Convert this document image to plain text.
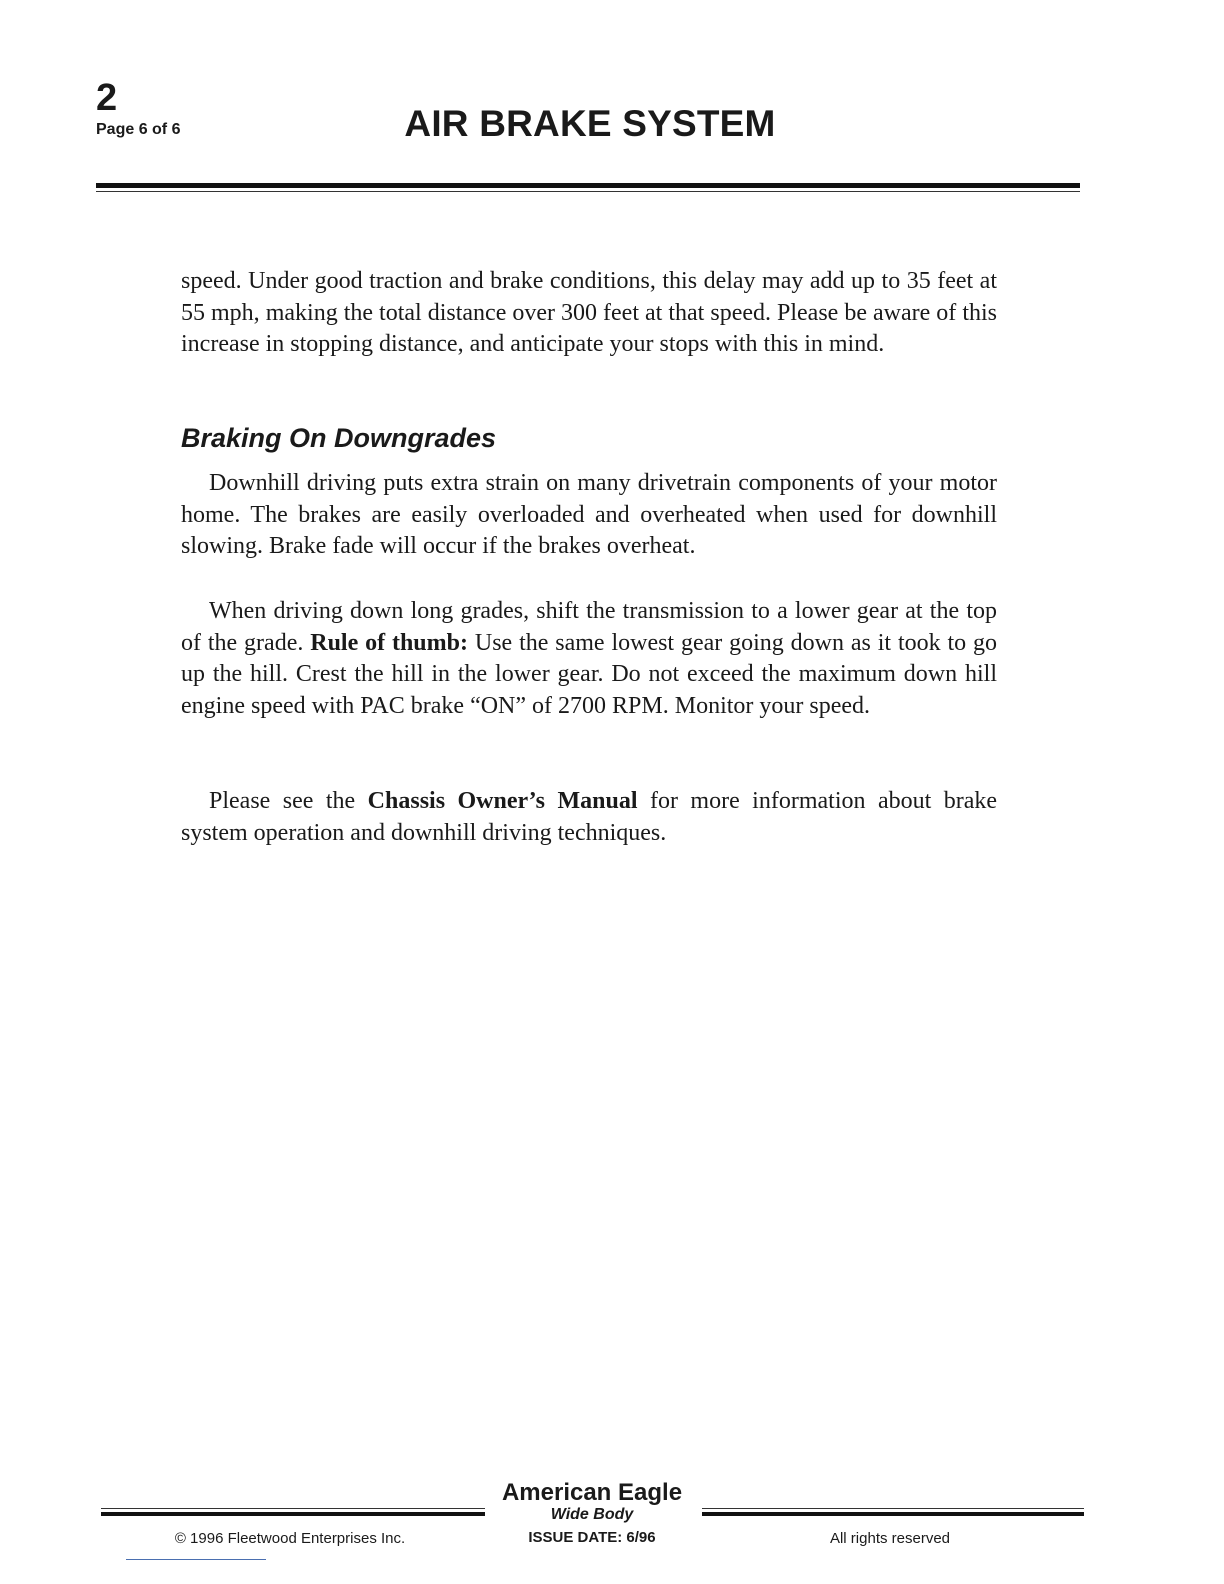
2
Page 6 of 6	AIR BRAKE SYSTEM

speed. Under good traction and brake conditions, this delay may add up to 35 feet at 55 mph, making the total distance over 300 feet at that speed. Please be aware of this increase in stopping distance, and anticipate your stops with this in mind.

Braking On Downgrades

Downhill driving puts extra strain on many drivetrain components of your motor home. The brakes are easily overloaded and overheated when used for downhill slowing. Brake fade will occur if the brakes overheat.

When driving down long grades, shift the transmission to a lower gear at the top of the grade. Rule of thumb: Use the same lowest gear going down as it took to go up the hill. Crest the hill in the lower gear. Do not exceed the maximum down hill engine speed with PAC brake “ON” of 2700 RPM. Monitor your speed.

Please see the Chassis Owner’s Manual for more information about brake system operation and downhill driving techniques.

American Eagle
Wide Body
ISSUE DATE: 6/96
© 1996 Fleetwood Enterprises Inc.	All rights reserved
